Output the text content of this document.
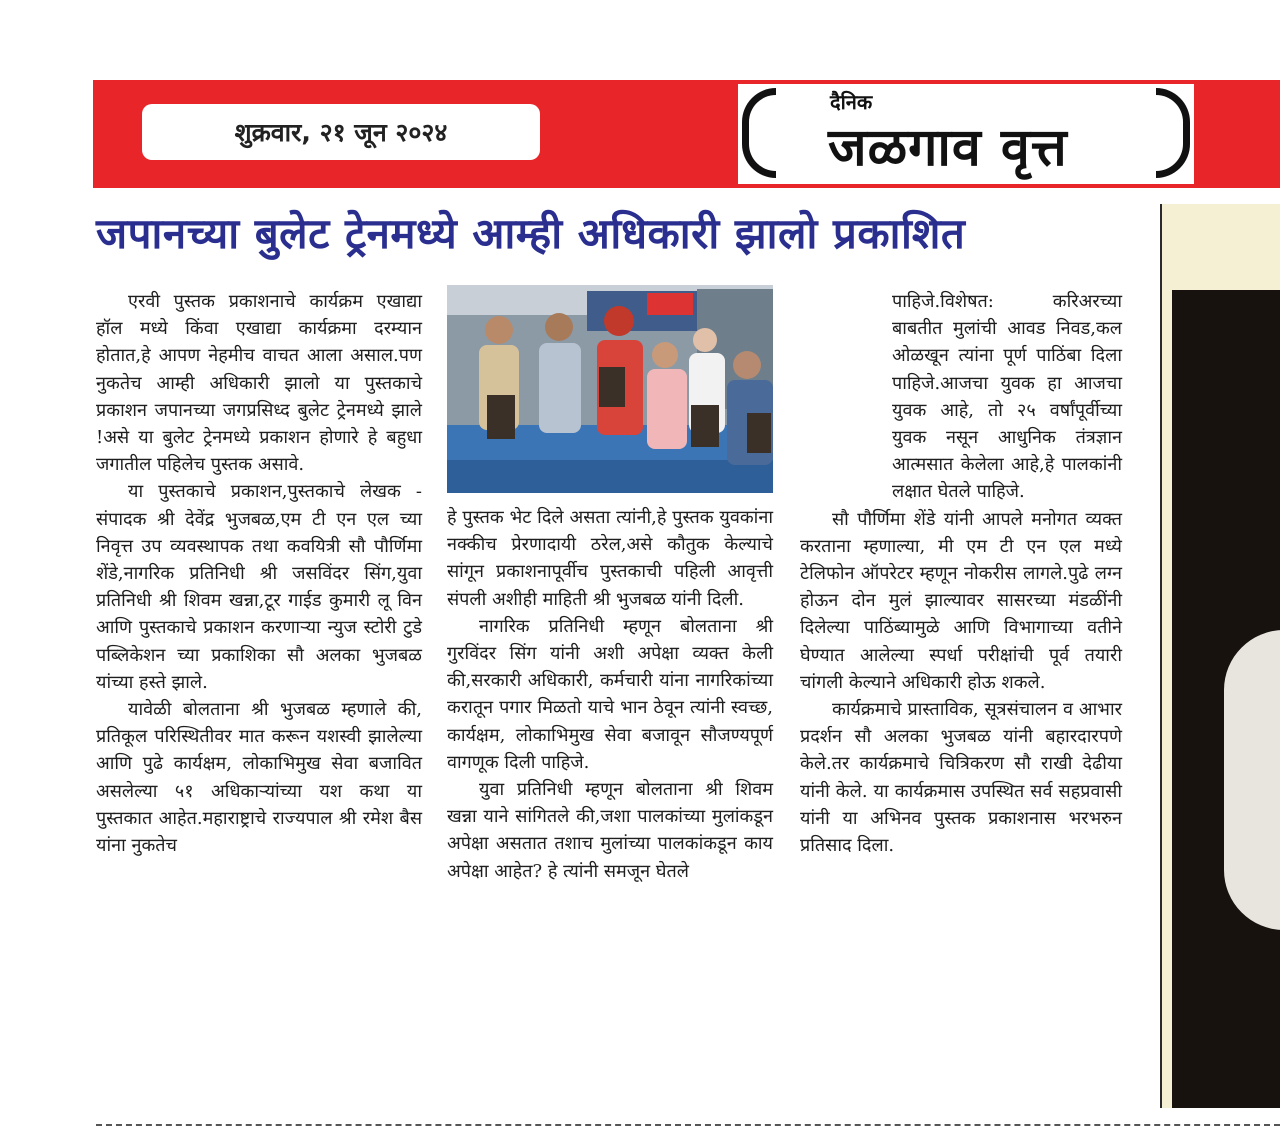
शुक्रवार, २१ जून २०२४
दैनिक
जळगाव वृत्त
जपानच्या बुलेट ट्रेनमध्ये आम्ही अधिकारी झालो प्रकाशित

एरवी पुस्तक प्रकाशनाचे कार्यक्रम एखाद्या हॉल मध्ये किंवा एखाद्या कार्यक्रमा दरम्यान होतात,हे आपण नेहमीच वाचत आला असाल.पण नुकतेच आम्ही अधिकारी झालो या पुस्तकाचे प्रकाशन जपानच्या जगप्रसिध्द बुलेट ट्रेनमध्ये झाले !असे या बुलेट ट्रेनमध्ये प्रकाशन होणारे हे बहुधा जगातील पहिलेच पुस्तक असावे.

या पुस्तकाचे प्रकाशन,पुस्तकाचे लेखक - संपादक श्री देवेंद्र भुजबळ,एम टी एन एल च्या निवृत्त उप व्यवस्थापक तथा कवयित्री सौ पौर्णिमा शेंडे,नागरिक प्रतिनिधी श्री जसविंदर सिंग,युवा प्रतिनिधी श्री शिवम खन्ना,टूर गाईड कुमारी लू विन आणि पुस्तकाचे प्रकाशन करणाऱ्या न्युज स्टोरी टुडे पब्लिकेशन च्या प्रकाशिका सौ अलका भुजबळ यांच्या हस्ते झाले.

यावेळी बोलताना श्री भुजबळ म्हणाले की, प्रतिकूल परिस्थितीवर मात करून यशस्वी झालेल्या आणि पुढे कार्यक्षम, लोकाभिमुख सेवा बजावित असलेल्या ५१ अधिकाऱ्यांच्या यश कथा या पुस्तकात आहेत.महाराष्ट्राचे राज्यपाल श्री रमेश बैस यांना नुकतेच

हे पुस्तक भेट दिले असता त्यांनी,हे पुस्तक युवकांना नक्कीच प्रेरणादायी ठरेल,असे कौतुक केल्याचे सांगून प्रकाशनापूर्वीच पुस्तकाची पहिली आवृत्ती संपली अशीही माहिती श्री भुजबळ यांनी दिली.

नागरिक प्रतिनिधी म्हणून बोलताना श्री गुरविंदर सिंग यांनी अशी अपेक्षा व्यक्त केली की,सरकारी अधिकारी, कर्मचारी यांना नागरिकांच्या करातून पगार मिळतो याचे भान ठेवून त्यांनी स्वच्छ, कार्यक्षम, लोकाभिमुख सेवा बजावून सौजण्यपूर्ण वागणूक दिली पाहिजे.

युवा प्रतिनिधी म्हणून बोलताना श्री शिवम खन्ना याने सांगितले की,जशा पालकांच्या मुलांकडून अपेक्षा असतात तशाच मुलांच्या पालकांकडून काय अपेक्षा आहेत? हे त्यांनी समजून घेतले

पाहिजे.विशेषत: करिअरच्या बाबतीत मुलांची आवड निवड,कल ओळखून त्यांना पूर्ण पाठिंबा दिला पाहिजे.आजचा युवक हा आजचा युवक आहे, तो २५ वर्षांपूर्वीच्या युवक नसून आधुनिक तंत्रज्ञान आत्मसात केलेला आहे,हे पालकांनी लक्षात घेतले पाहिजे.

सौ पौर्णिमा शेंडे यांनी आपले मनोगत व्यक्त करताना म्हणाल्या, मी एम टी एन एल मध्ये टेलिफोन ऑपरेटर म्हणून नोकरीस लागले.पुढे लग्न होऊन दोन मुलं झाल्यावर सासरच्या मंडळींनी दिलेल्या पाठिंब्यामुळे आणि विभागाच्या वतीने घेण्यात आलेल्या स्पर्धा परीक्षांची पूर्व तयारी चांगली केल्याने अधिकारी होऊ शकले.

कार्यक्रमाचे प्रास्ताविक, सूत्रसंचालन व आभार प्रदर्शन सौ अलका भुजबळ यांनी बहारदारपणे केले.तर कार्यक्रमाचे चित्रिकरण सौ राखी देढीया यांनी केले. या कार्यक्रमास उपस्थित सर्व सहप्रवासी यांनी या अभिनव पुस्तक प्रकाशनास भरभरुन प्रतिसाद दिला.
